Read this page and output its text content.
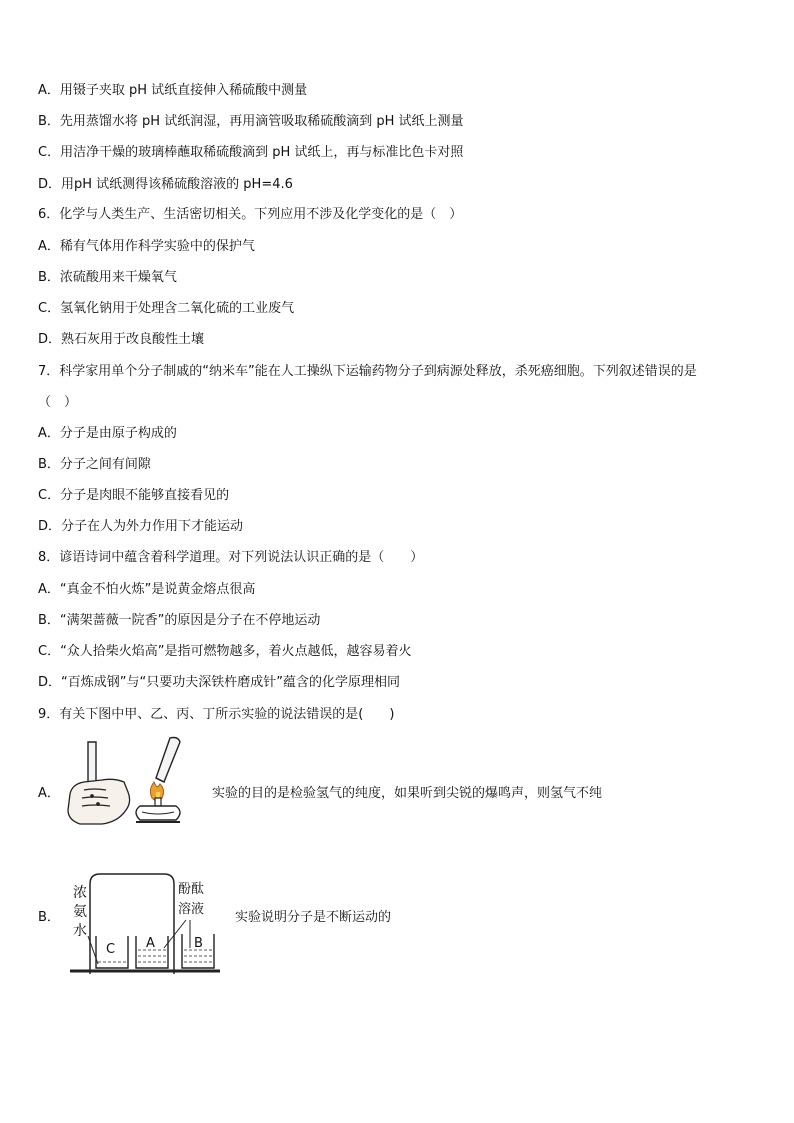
A．用镊子夹取 pH 试纸直接伸入稀硫酸中测量
B．先用蒸馏水将 pH 试纸润湿，再用滴管吸取稀硫酸滴到 pH 试纸上测量
C．用洁净干燥的玻璃棒蘸取稀硫酸滴到 pH 试纸上，再与标准比色卡对照
D．用pH 试纸测得该稀硫酸溶液的 pH=4.6
6．化学与人类生产、生活密切相关。下列应用不涉及化学变化的是（　）
A．稀有气体用作科学实验中的保护气
B．浓硫酸用来干燥氧气
C．氢氧化钠用于处理含二氧化硫的工业废气
D．熟石灰用于改良酸性土壤
7．科学家用单个分子制戚的“纳米车”能在人工操纵下运输药物分子到病源处释放，杀死癌细胞。下列叙述错误的是
（　）
A．分子是由原子构成的
B．分子之间有间隙
C．分子是肉眼不能够直接看见的
D．分子在人为外力作用下才能运动
8．谚语诗词中蕴含着科学道理。对下列说法认识正确的是（　　）
A．“真金不怕火炼”是说黄金熔点很高
B．“满架蔷薇一院香”的原因是分子在不停地运动
C．“众人拾柴火焰高”是指可燃物越多，着火点越低，越容易着火
D．“百炼成钢”与“只要功夫深铁杵磨成针”蕴含的化学原理相同
9．有关下图中甲、乙、丙、丁所示实验的说法错误的是(　　)
A．	实验的目的是检验氢气的纯度，如果听到尖锐的爆鸣声，则氢气不纯
B．
浓
氨
水
酚酞
溶液
C A	B
实验说明分子是不断运动的
